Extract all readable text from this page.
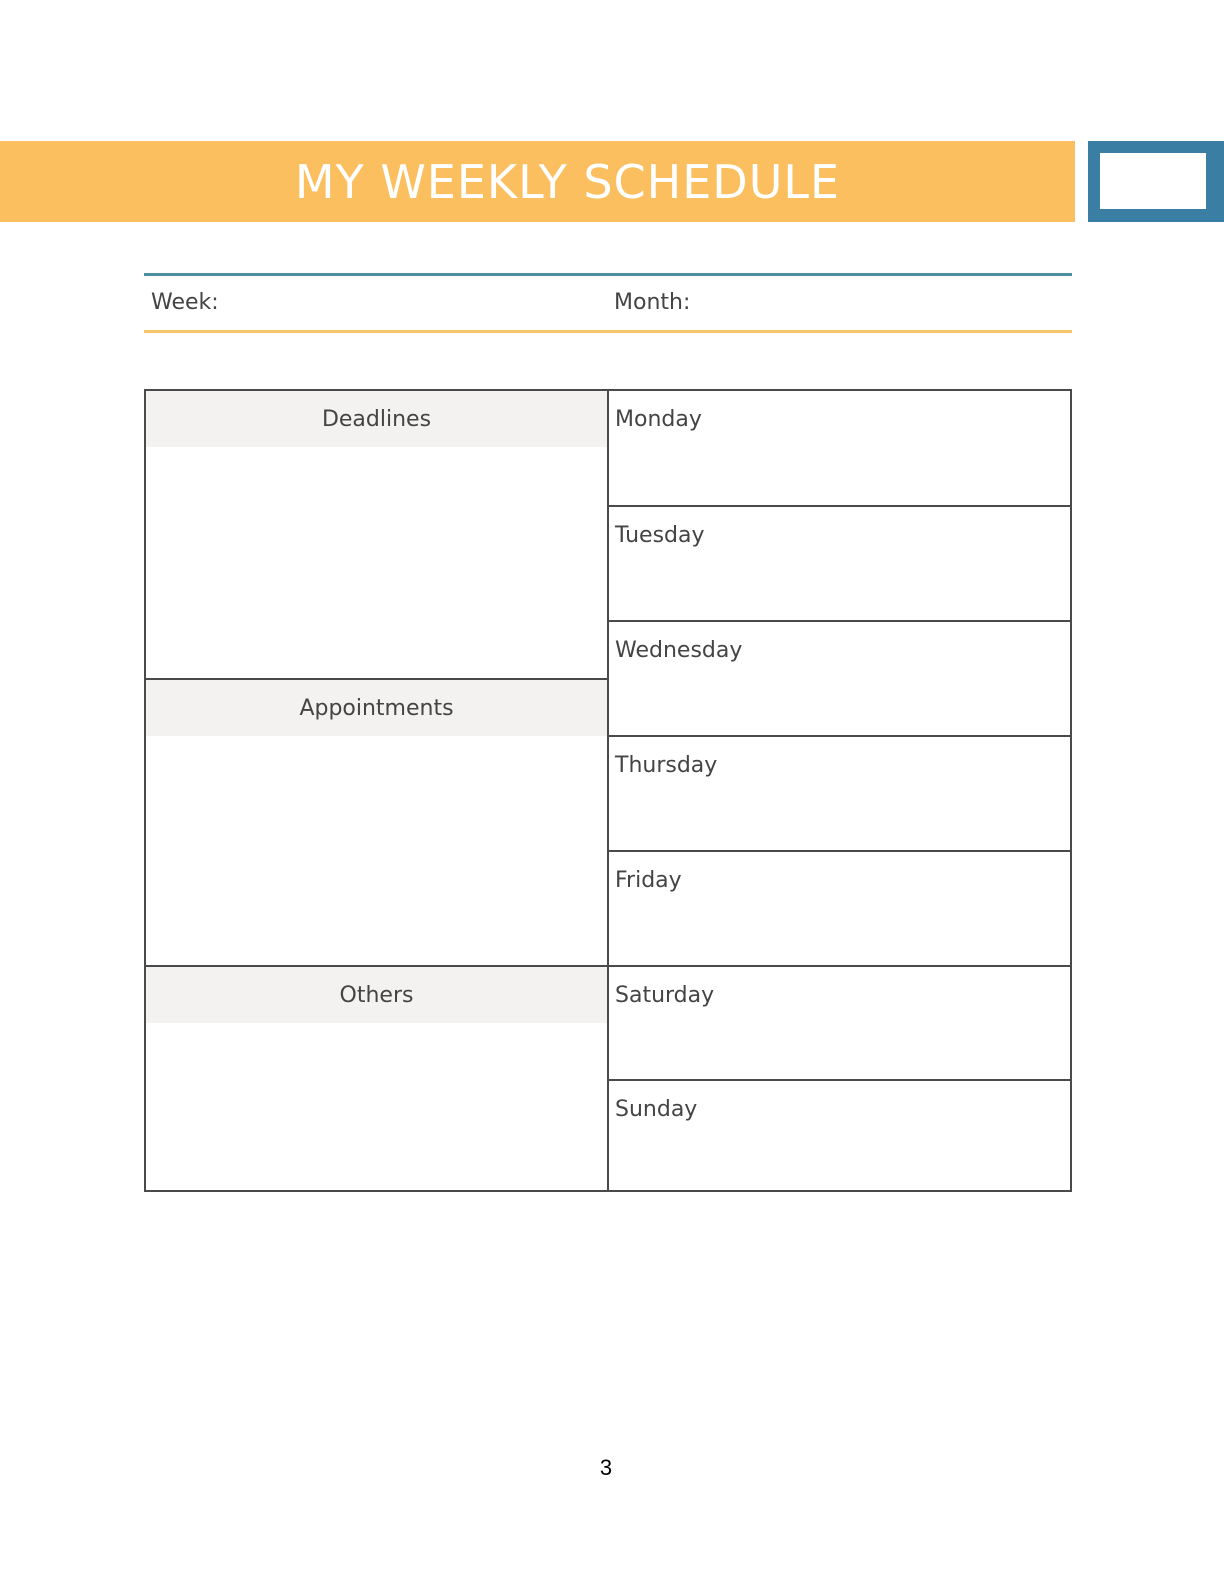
MY WEEKLY SCHEDULE
Week:	Month:
Deadlines
Appointments
Others
Monday
Tuesday
Wednesday
Thursday
Friday
Saturday
Sunday
3
